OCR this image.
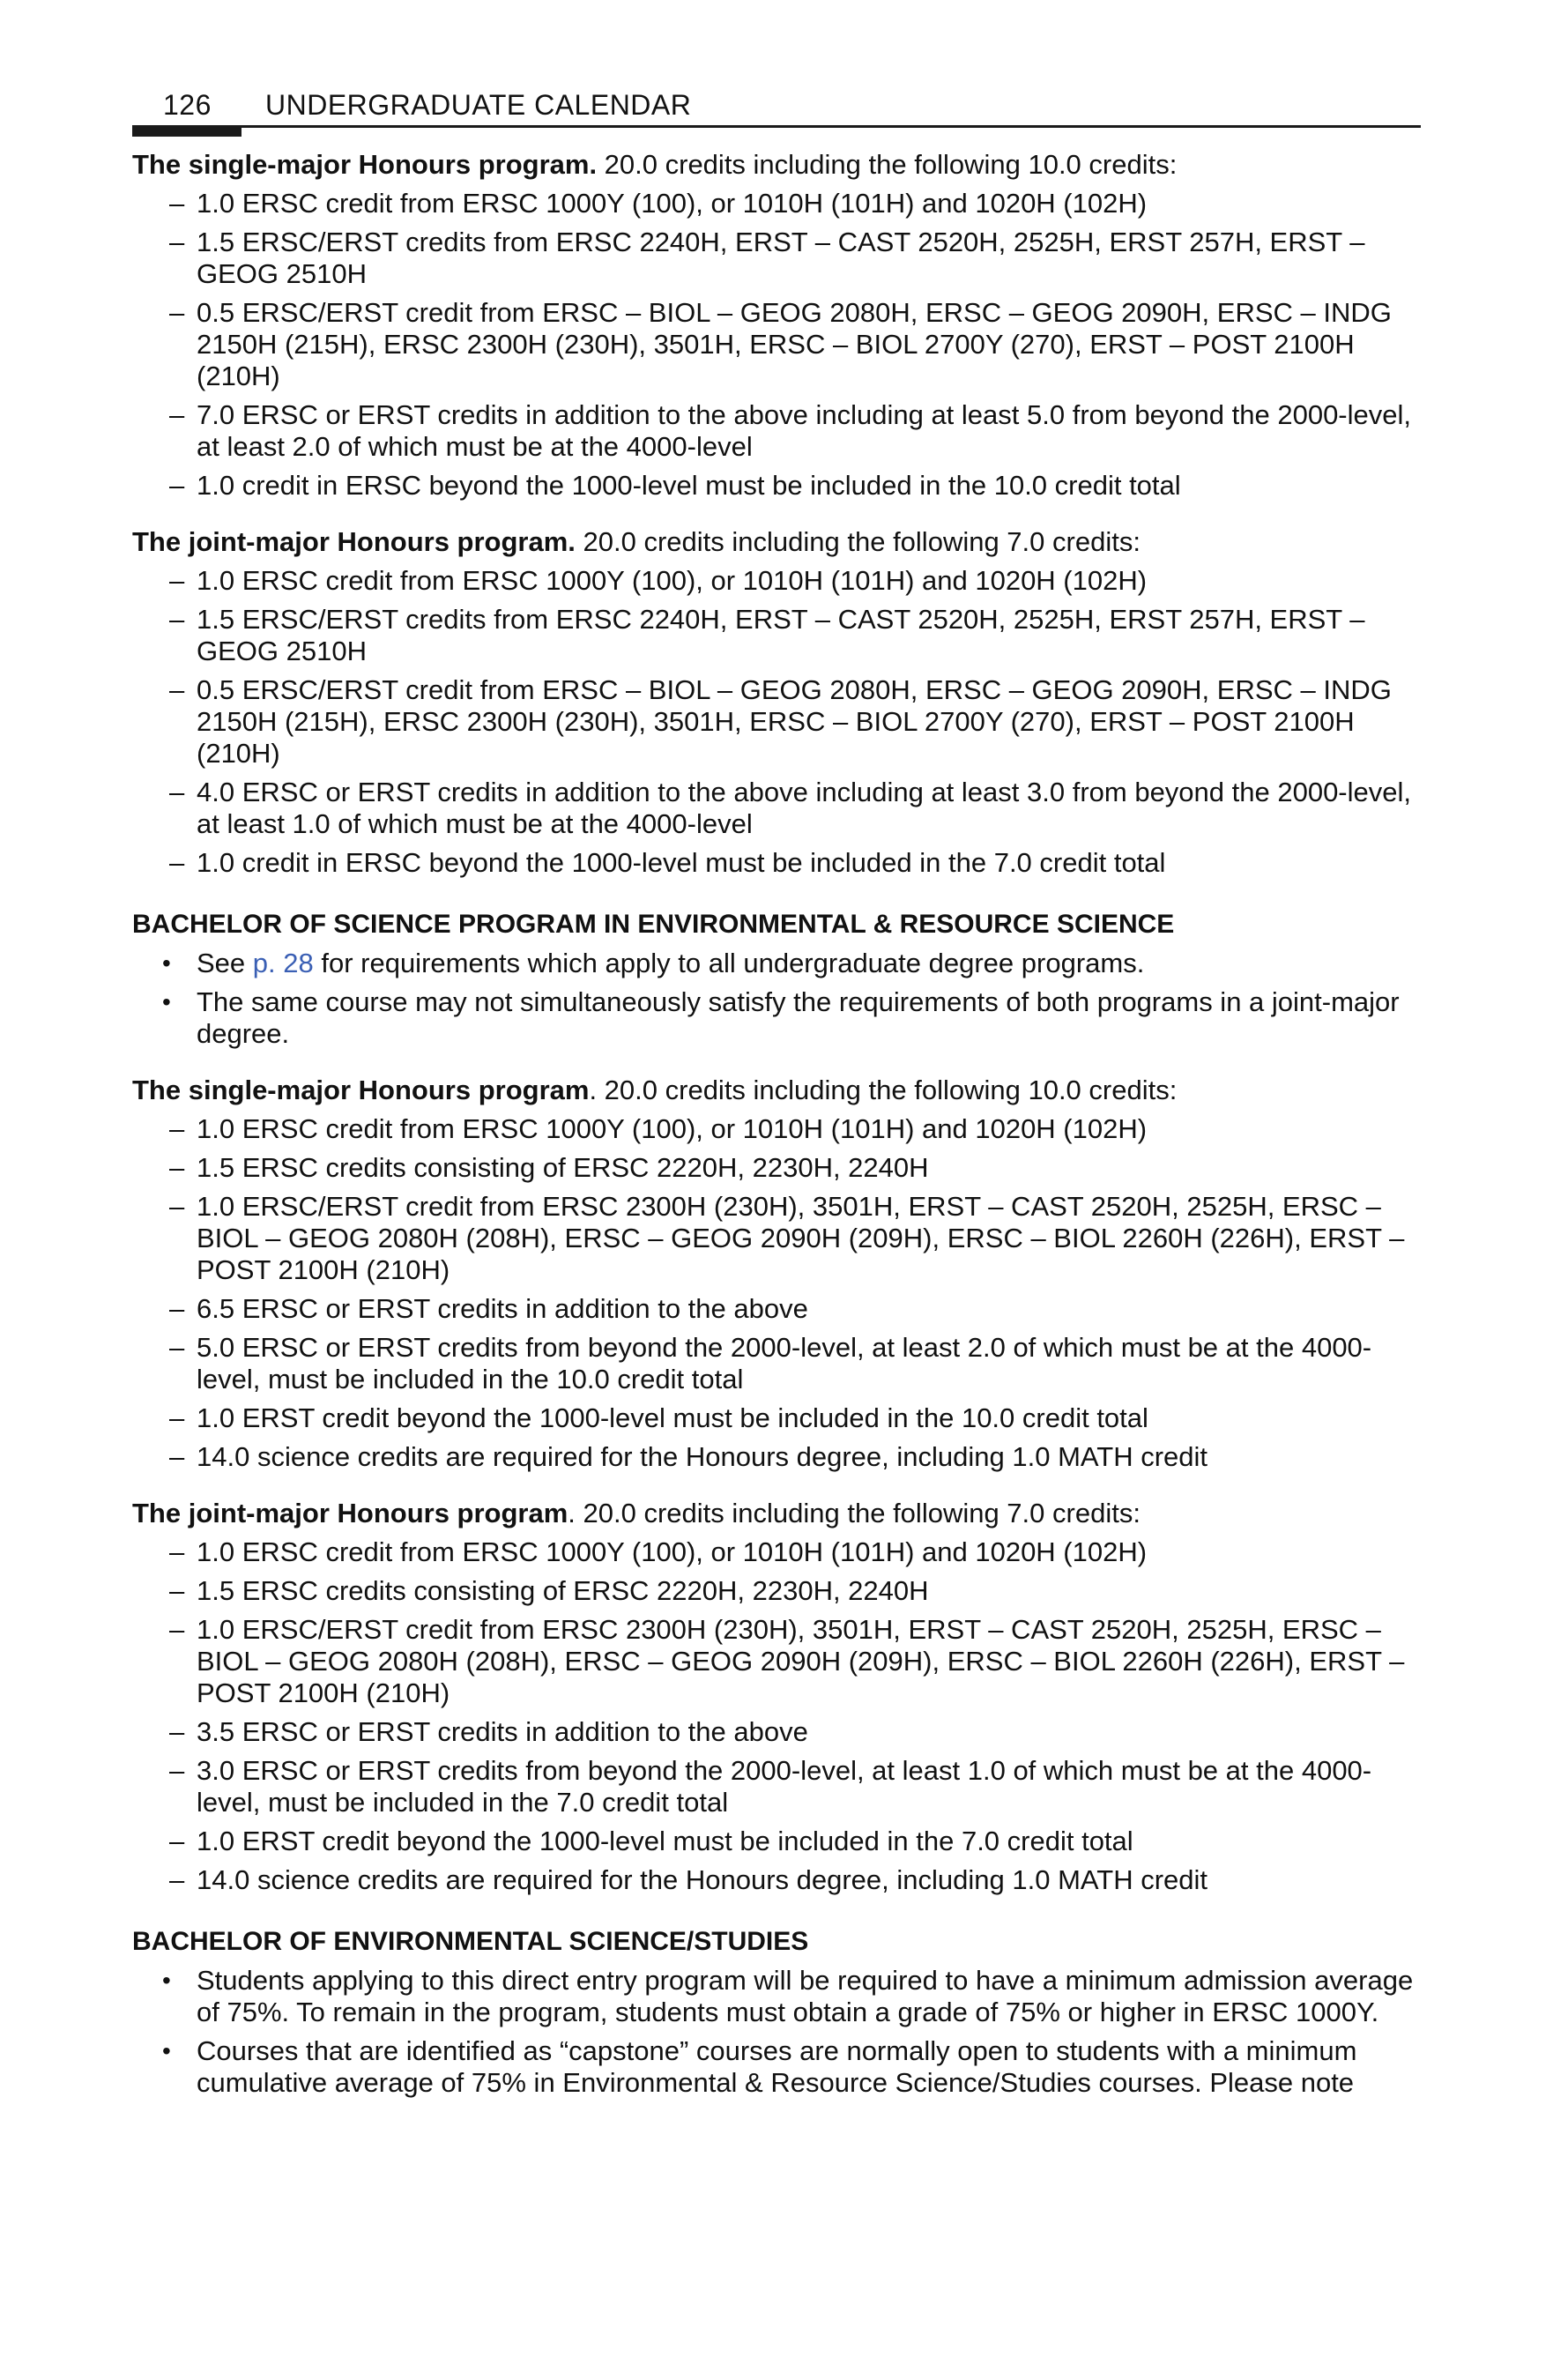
126	UNDERGRADUATE CALENDAR

The single-major Honours program. 20.0 credits including the following 10.0 credits:

– 1.0 ERSC credit from ERSC 1000Y (100), or 1010H (101H) and 1020H (102H)
– 1.5 ERSC/ERST credits from ERSC 2240H, ERST – CAST 2520H, 2525H, ERST 257H, ERST – GEOG 2510H
– 0.5 ERSC/ERST credit from ERSC – BIOL – GEOG 2080H, ERSC – GEOG 2090H, ERSC – INDG 2150H (215H), ERSC 2300H (230H), 3501H, ERSC – BIOL 2700Y (270), ERST – POST 2100H (210H)
– 7.0 ERSC or ERST credits in addition to the above including at least 5.0 from beyond the 2000-level, at least 2.0 of which must be at the 4000-level
– 1.0 credit in ERSC beyond the 1000-level must be included in the 10.0 credit total

The joint-major Honours program. 20.0 credits including the following 7.0 credits:

– 1.0 ERSC credit from ERSC 1000Y (100), or 1010H (101H) and 1020H (102H)
– 1.5 ERSC/ERST credits from ERSC 2240H, ERST – CAST 2520H, 2525H, ERST 257H, ERST – GEOG 2510H
– 0.5 ERSC/ERST credit from ERSC – BIOL – GEOG 2080H, ERSC – GEOG 2090H, ERSC – INDG 2150H (215H), ERSC 2300H (230H), 3501H, ERSC – BIOL 2700Y (270), ERST – POST 2100H (210H)
– 4.0 ERSC or ERST credits in addition to the above including at least 3.0 from beyond the 2000-level, at least 1.0 of which must be at the 4000-level
– 1.0 credit in ERSC beyond the 1000-level must be included in the 7.0 credit total
BACHELOR OF SCIENCE PROGRAM IN ENVIRONMENTAL & RESOURCE SCIENCE
• See p. 28 for requirements which apply to all undergraduate degree programs.
• The same course may not simultaneously satisfy the requirements of both programs in a joint-major degree.

The single-major Honours program. 20.0 credits including the following 10.0 credits:

– 1.0 ERSC credit from ERSC 1000Y (100), or 1010H (101H) and 1020H (102H)
– 1.5 ERSC credits consisting of ERSC 2220H, 2230H, 2240H
– 1.0 ERSC/ERST credit from ERSC 2300H (230H), 3501H, ERST – CAST 2520H, 2525H, ERSC – BIOL – GEOG 2080H (208H), ERSC – GEOG 2090H (209H), ERSC – BIOL 2260H (226H), ERST – POST 2100H (210H)
– 6.5 ERSC or ERST credits in addition to the above
– 5.0 ERSC or ERST credits from beyond the 2000-level, at least 2.0 of which must be at the 4000-level, must be included in the 10.0 credit total
– 1.0 ERST credit beyond the 1000-level must be included in the 10.0 credit total
– 14.0 science credits are required for the Honours degree, including 1.0 MATH credit

The joint-major Honours program. 20.0 credits including the following 7.0 credits:

– 1.0 ERSC credit from ERSC 1000Y (100), or 1010H (101H) and 1020H (102H)
– 1.5 ERSC credits consisting of ERSC 2220H, 2230H, 2240H
– 1.0 ERSC/ERST credit from ERSC 2300H (230H), 3501H, ERST – CAST 2520H, 2525H, ERSC – BIOL – GEOG 2080H (208H), ERSC – GEOG 2090H (209H), ERSC – BIOL 2260H (226H), ERST – POST 2100H (210H)
– 3.5 ERSC or ERST credits in addition to the above
– 3.0 ERSC or ERST credits from beyond the 2000-level, at least 1.0 of which must be at the 4000-level, must be included in the 7.0 credit total
– 1.0 ERST credit beyond the 1000-level must be included in the 7.0 credit total
– 14.0 science credits are required for the Honours degree, including 1.0 MATH credit
BACHELOR OF ENVIRONMENTAL SCIENCE/STUDIES
• Students applying to this direct entry program will be required to have a minimum admission average of 75%. To remain in the program, students must obtain a grade of 75% or higher in ERSC 1000Y.
• Courses that are identified as “capstone” courses are normally open to students with a minimum cumulative average of 75% in Environmental & Resource Science/Studies courses. Please note
